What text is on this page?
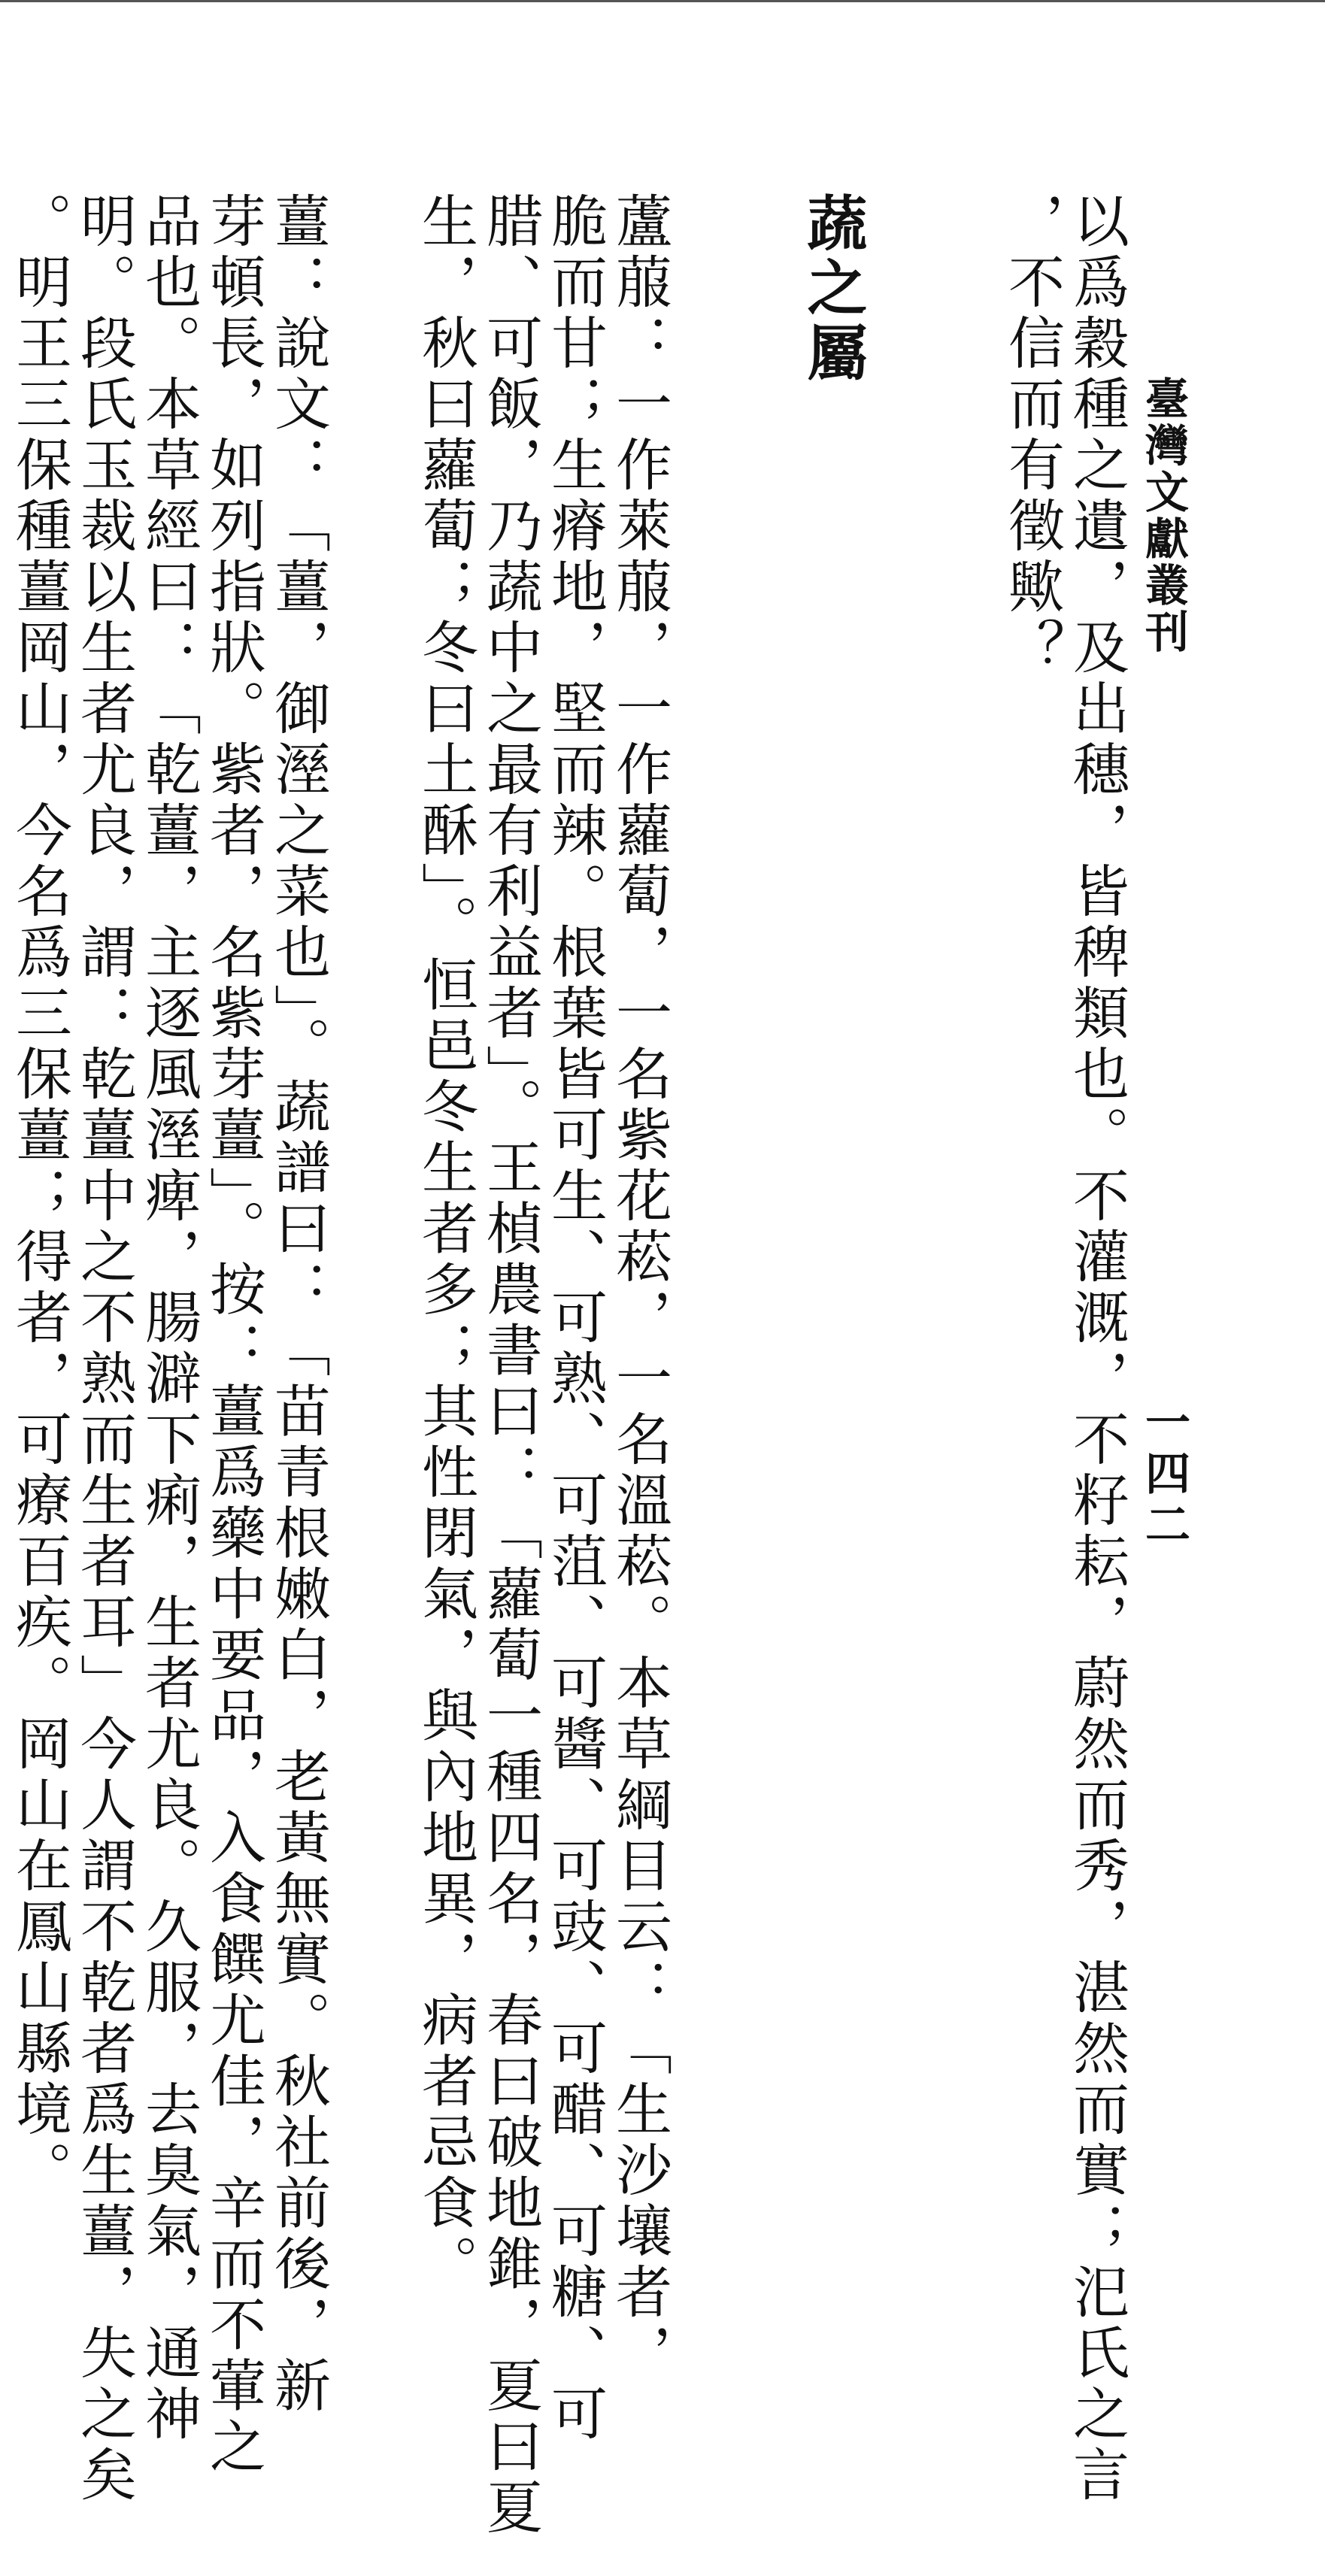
臺灣文獻叢刊
一四二
以爲穀種之遺，及出穗，皆稗類也。不灌溉，不籽耘，蔚然而秀，湛然而實；汜氏之言
，不信而有徵歟？
蔬之屬
蘆菔：一作萊菔，一作蘿蔔，一名紫花菘，一名溫菘。本草綱目云：「生沙壤者，
脆而甘；生瘠地，堅而辣。根葉皆可生、可熟、可菹、可醬、可豉、可醋、可糖、可
腊、可飯，乃蔬中之最有利益者」。王楨農書曰：「蘿蔔一種四名，春曰破地錐，夏曰夏
生，秋曰蘿蔔；冬曰土酥」。恒邑冬生者多；其性閉氣，與內地異，病者忌食。
薑：說文：「薑，御溼之菜也」。蔬譜曰：「苗青根嫩白，老黃無實。秋社前後，新
芽頓長，如列指狀。紫者，名紫芽薑」。按：薑爲藥中要品，入食饌尤佳，辛而不葷之
品也。本草經曰：「乾薑，主逐風溼痺，腸澼下痢，生者尤良。久服，去臭氣，通神
明。段氏玉裁以生者尤良，謂：乾薑中之不熟而生者耳」今人謂不乾者爲生薑，失之矣
。明王三保種薑岡山，今名爲三保薑；得者，可療百疾。岡山在鳳山縣境。
